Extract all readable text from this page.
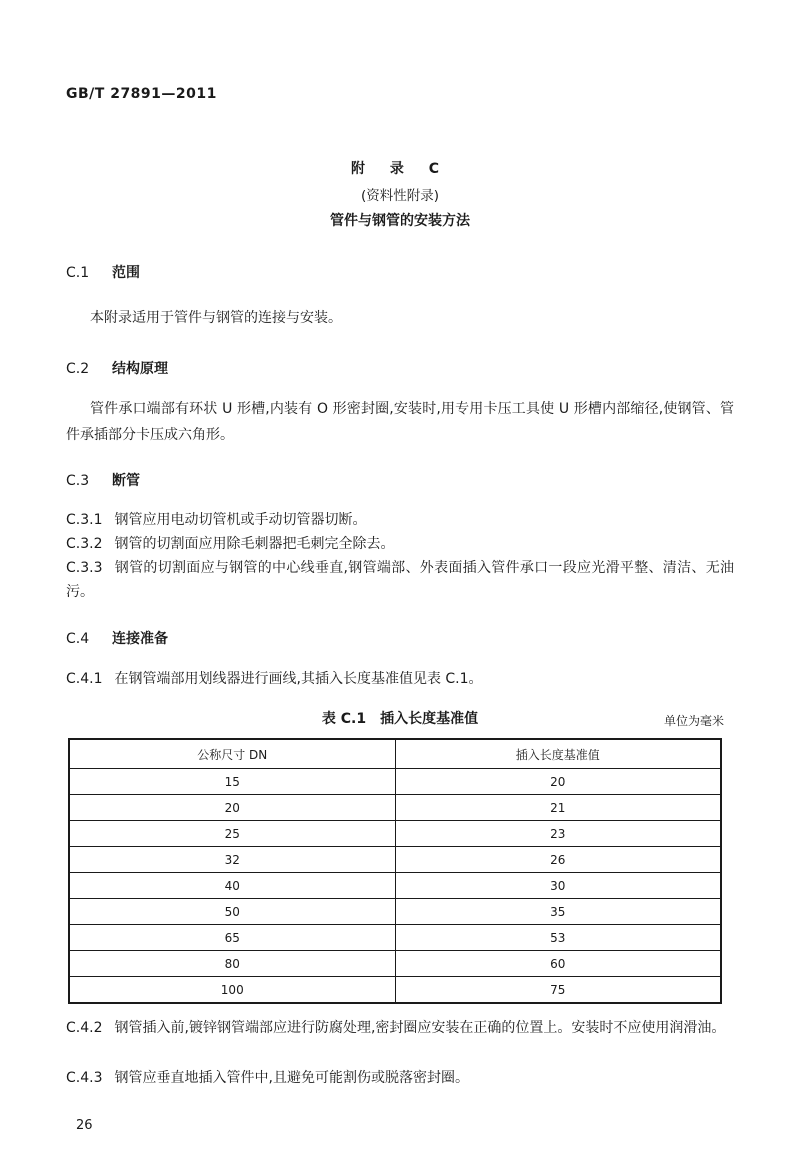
GB/T 27891—2011
附 录 C
(资料性附录)
管件与钢管的安装方法
C.1 范围
本附录适用于管件与钢管的连接与安装。
C.2 结构原理
管件承口端部有环状 U 形槽,内装有 O 形密封圈,安装时,用专用卡压工具使 U 形槽内部缩径,使钢管、管件承插部分卡压成六角形。
C.3 断管
C.3.1 钢管应用电动切管机或手动切管器切断。
C.3.2 钢管的切割面应用除毛刺器把毛刺完全除去。
C.3.3 钢管的切割面应与钢管的中心线垂直,钢管端部、外表面插入管件承口一段应光滑平整、清洁、无油污。
C.4 连接准备
C.4.1 在钢管端部用划线器进行画线,其插入长度基准值见表 C.1。
表 C.1 插入长度基准值	单位为毫米
公称尺寸 DN	插入长度基准值
15	20
20	21
25	23
32	26
40	30
50	35
65	53
80	60
100	75
C.4.2 钢管插入前,镀锌钢管端部应进行防腐处理,密封圈应安装在正确的位置上。安装时不应使用润滑油。
C.4.3 钢管应垂直地插入管件中,且避免可能割伤或脱落密封圈。
26
